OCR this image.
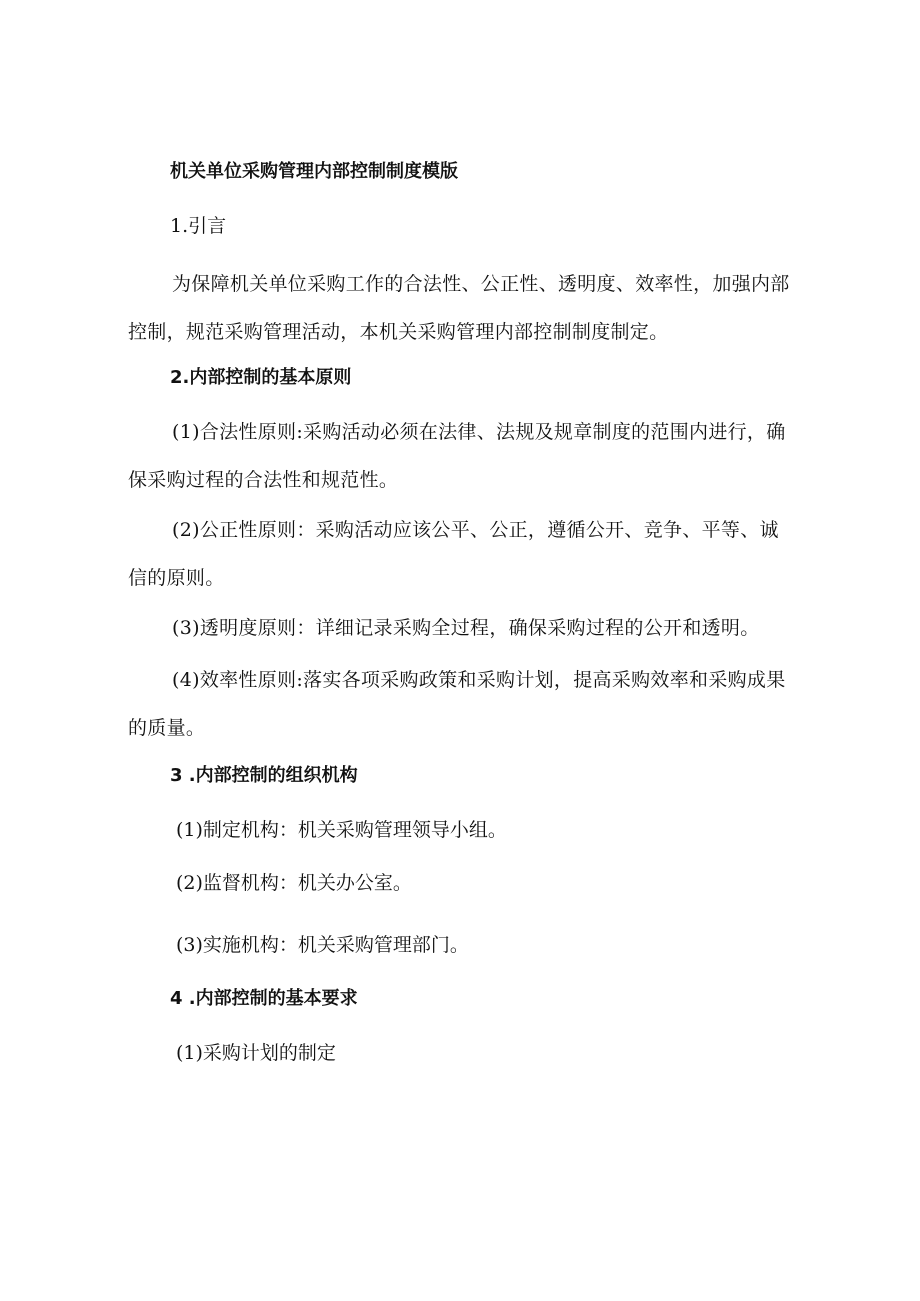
机关单位采购管理内部控制制度模版
1.引言
为保障机关单位采购工作的合法性、公正性、透明度、效率性，加强内部控制，规范采购管理活动，本机关采购管理内部控制制度制定。
2.内部控制的基本原则
(1)合法性原则:采购活动必须在法律、法规及规章制度的范围内进行，确保采购过程的合法性和规范性。
(2)公正性原则：采购活动应该公平、公正，遵循公开、竞争、平等、诚信的原则。
(3)透明度原则：详细记录采购全过程，确保采购过程的公开和透明。
(4)效率性原则:落实各项采购政策和采购计划，提高采购效率和采购成果的质量。
3 .内部控制的组织机构
(1)制定机构：机关采购管理领导小组。
(2)监督机构：机关办公室。
(3)实施机构：机关采购管理部门。
4 .内部控制的基本要求
(1)采购计划的制定
